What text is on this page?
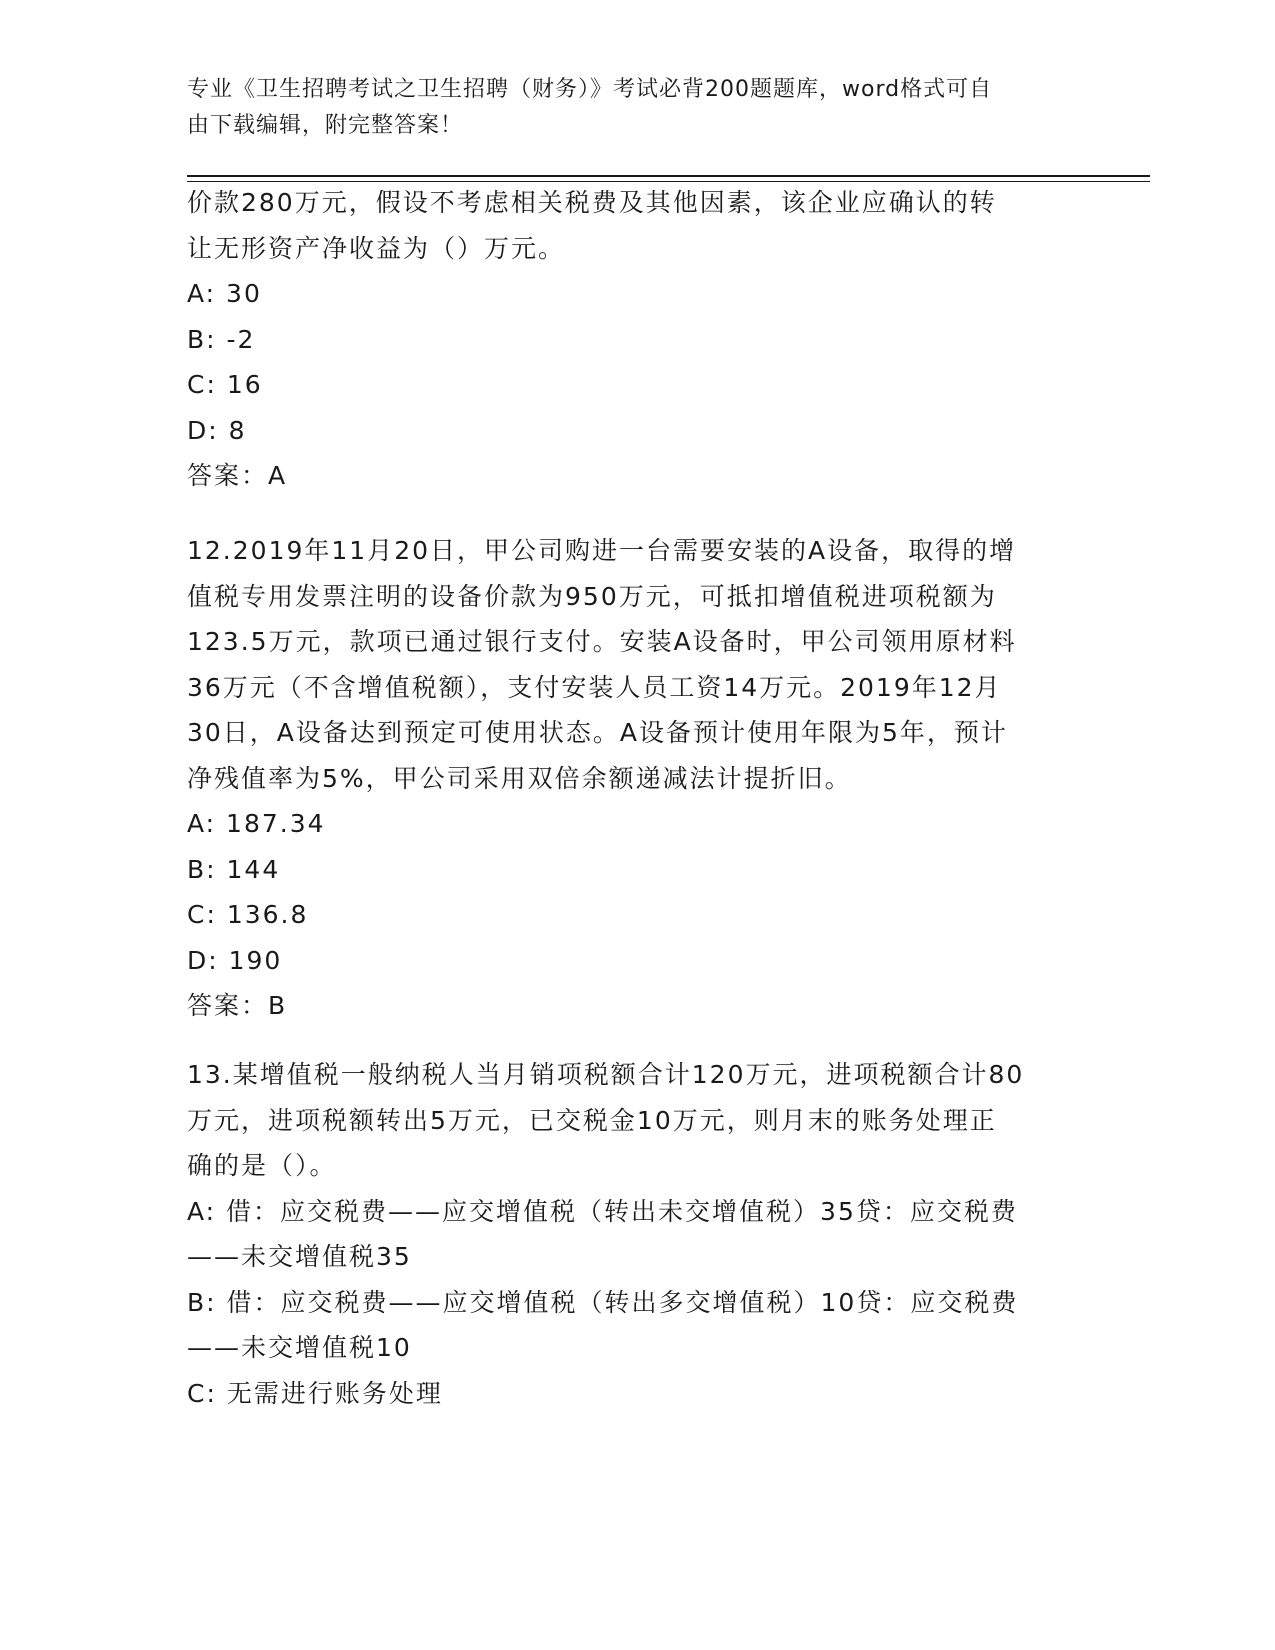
专业《卫生招聘考试之卫生招聘（财务）》考试必背200题题库，word格式可自
由下载编辑，附完整答案！

价款280万元，假设不考虑相关税费及其他因素，该企业应确认的转

让无形资产净收益为（）万元。

A: 30

B: -2

C: 16

D: 8

答案：A

12.2019年11月20日，甲公司购进一台需要安装的A设备，取得的增

值税专用发票注明的设备价款为950万元，可抵扣增值税进项税额为

123.5万元，款项已通过银行支付。安装A设备时，甲公司领用原材料

36万元（不含增值税额），支付安装人员工资14万元。2019年12月

30日，A设备达到预定可使用状态。A设备预计使用年限为5年，预计

净残值率为5%，甲公司采用双倍余额递减法计提折旧。

A: 187.34

B: 144

C: 136.8

D: 190

答案：B

13.某增值税一般纳税人当月销项税额合计120万元，进项税额合计80

万元，进项税额转出5万元，已交税金10万元，则月末的账务处理正

确的是（）。

A: 借：应交税费——应交增值税（转出未交增值税）35贷：应交税费

——未交增值税35

B: 借：应交税费——应交增值税（转出多交增值税）10贷：应交税费

——未交增值税10

C: 无需进行账务处理
